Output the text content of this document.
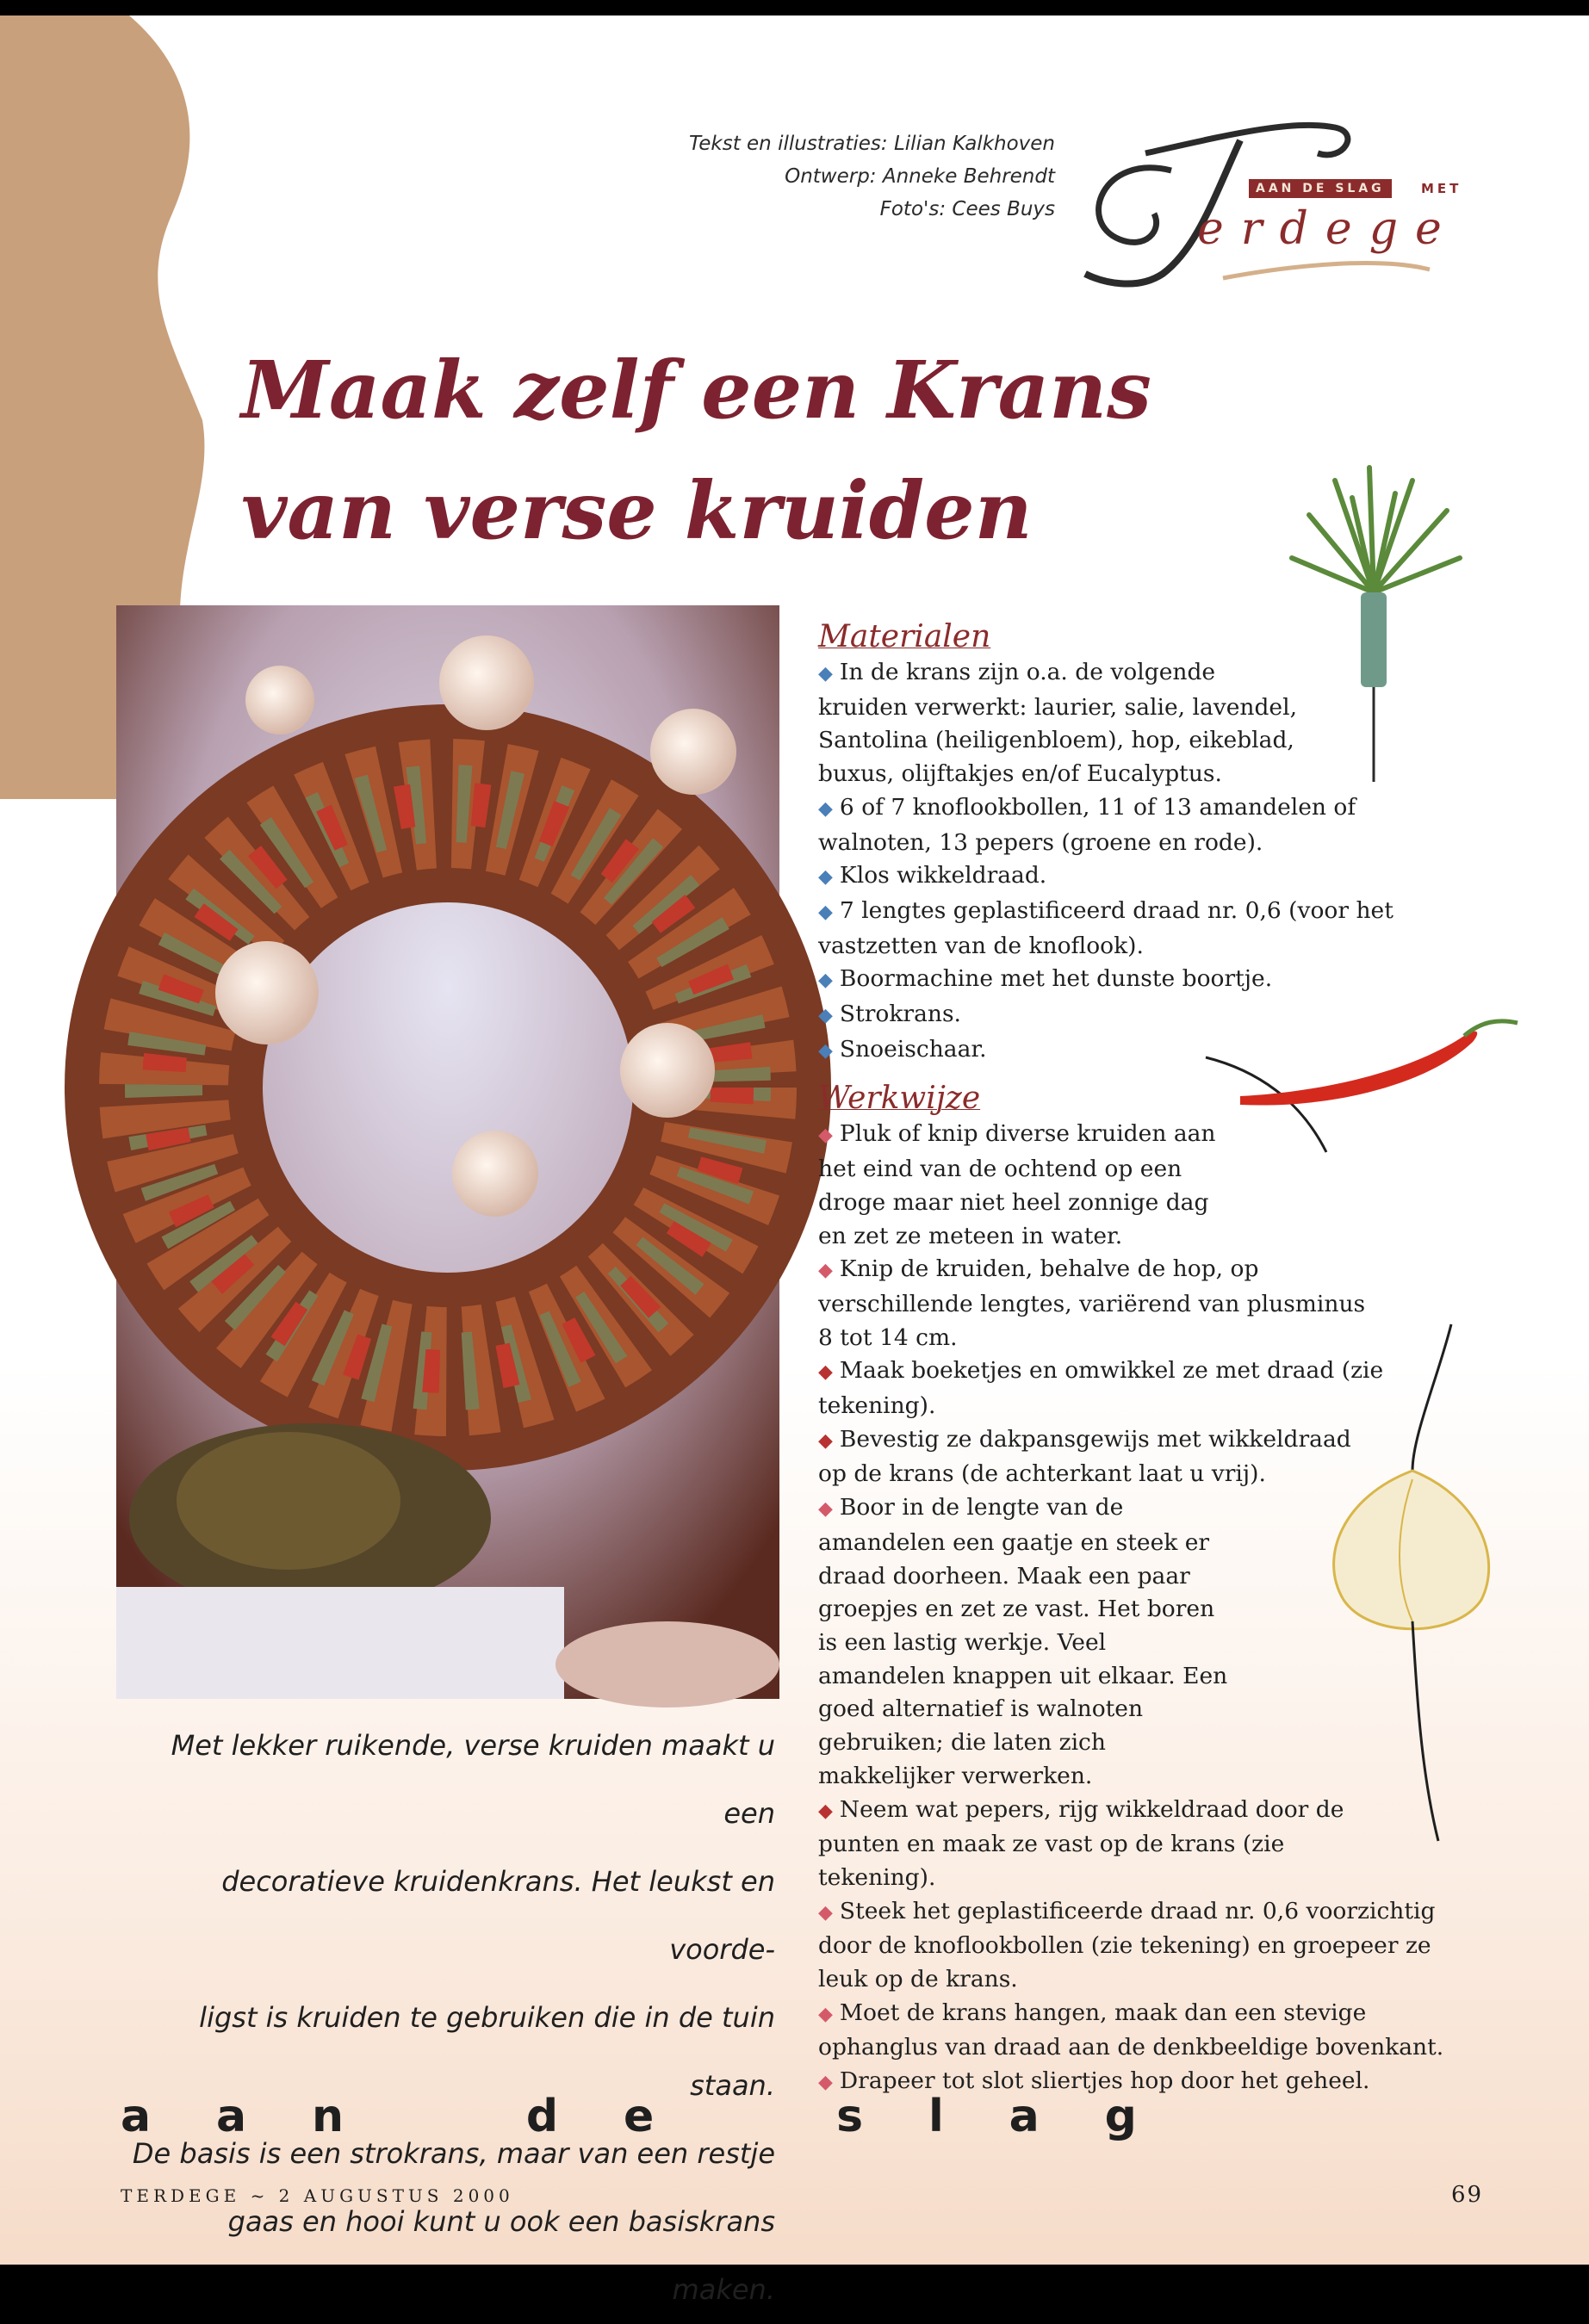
Tekst en illustraties: Lilian Kalkhoven
Ontwerp: Anneke Behrendt
Foto's: Cees Buys
AAN DE SLAG	MET
erdege
Maak zelf een Krans
van verse kruiden

Met lekker ruikende, verse kruiden maakt u een

decoratieve kruidenkrans. Het leukst en voorde-

ligst is kruiden te gebruiken die in de tuin staan.

De basis is een strokrans, maar van een restje

gaas en hooi kunt u ook een basiskrans maken.

Materialen

◆ In de krans zijn o.a. de volgende kruiden verwerkt: laurier, salie, lavendel, Santolina (heiligenbloem), hop, eikeblad, buxus, olijftakjes en/of Eucalyptus.

◆ 6 of 7 knoflookbollen, 11 of 13 amandelen of walnoten, 13 pepers (groene en rode).

◆ Klos wikkeldraad.

◆ 7 lengtes geplastificeerd draad nr. 0,6 (voor het vastzetten van de knoflook).

◆ Boormachine met het dunste boortje.

◆ Strokrans.

◆ Snoeischaar.

Werkwijze

◆ Pluk of knip diverse kruiden aan het eind van de ochtend op een droge maar niet heel zonnige dag en zet ze meteen in water.

◆ Knip de kruiden, behalve de hop, op verschillende lengtes, variërend van plusminus 8 tot 14 cm.

◆ Maak boeketjes en omwikkel ze met draad (zie tekening).

◆ Bevestig ze dakpansgewijs met wikkeldraad op de krans (de achterkant laat u vrij).

◆ Boor in de lengte van de amandelen een gaatje en steek er draad doorheen. Maak een paar groepjes en zet ze vast. Het boren is een lastig werkje. Veel amandelen knappen uit elkaar. Een goed alternatief is walnoten gebruiken; die laten zich makkelijker verwerken.

◆ Neem wat pepers, rijg wikkeldraad door de punten en maak ze vast op de krans (zie tekening).

◆ Steek het geplastificeerde draad nr. 0,6 voorzichtig door de knoflookbollen (zie tekening) en groepeer ze leuk op de krans.

◆ Moet de krans hangen, maak dan een stevige ophanglus van draad aan de denkbeeldige bovenkant.

◆ Drapeer tot slot sliertjes hop door het geheel.

a a n	d e	s l a g
TERDEGE ~ 2 AUGUSTUS 2000	69
